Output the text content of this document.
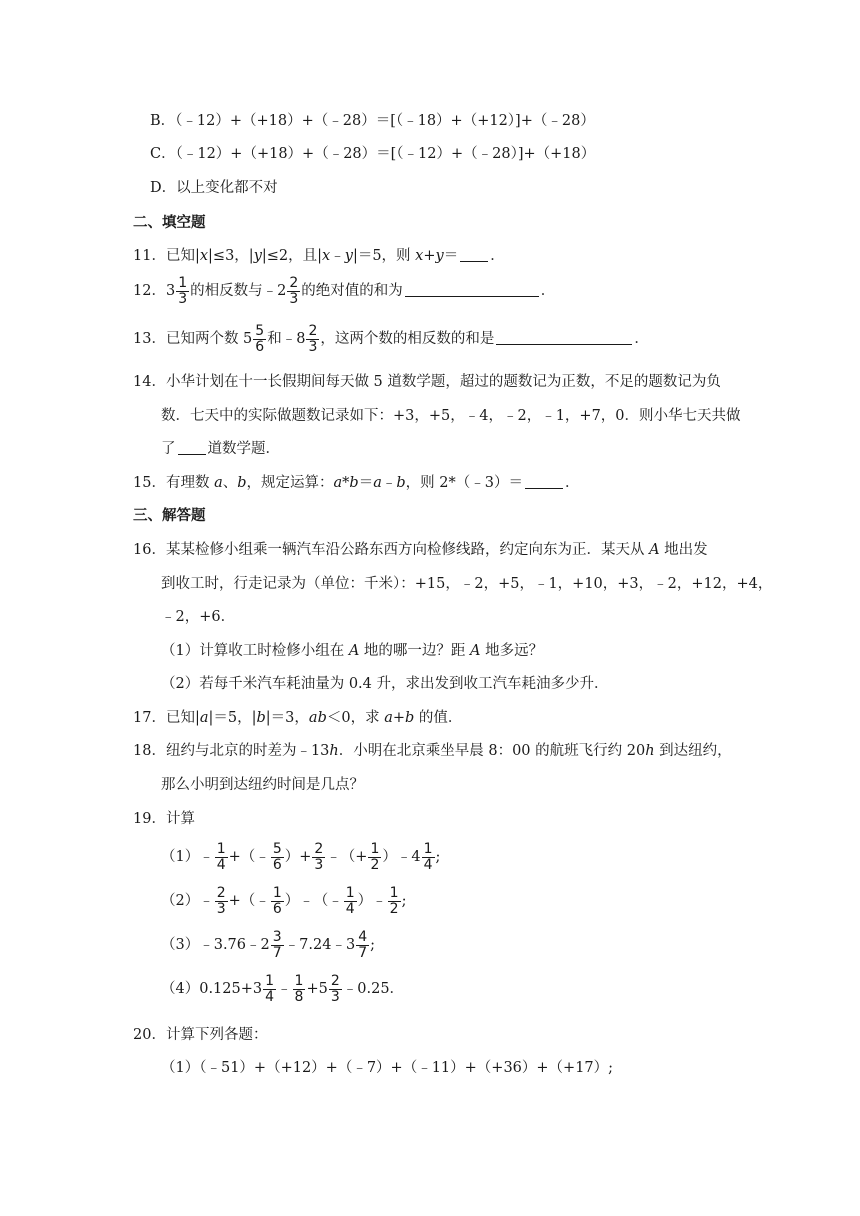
B．（﹣12）+（+18）+（﹣28）＝[（﹣18）+（+12）]+（﹣28）
C．（﹣12）+（+18）+（﹣28）＝[（﹣12）+（﹣28）]+（+18）
D．以上变化都不对
二、填空题
11．已知|x|≤3，|y|≤2，且|x﹣y|＝5，则 x+y＝ ．
12．$3 \frac{1}{3}$ 的相反数与﹣2 $\frac{2}{3}$ 的绝对值的和为	．
13．已知两个数 $5 \frac{5}{6}$ 和﹣8 $\frac{2}{3}$ ，这两个数的相反数的和是	．
14．小华计划在十一长假期间每天做 5 道数学题，超过的题数记为正数，不足的题数记为负
数．七天中的实际做题数记录如下：+3，+5，﹣4，﹣2，﹣1，+7，0．则小华七天共做
了 道数学题．
15．有理数 a、b，规定运算：a*b＝a﹣b，则 2*（﹣3）＝	．
三、解答题
16．某某检修小组乘一辆汽车沿公路东西方向检修线路，约定向东为正．某天从 A 地出发
到收工时，行走记录为（单位：千米）：+15，﹣2，+5，﹣1，+10，+3，﹣2，+12，+4，
﹣2，+6．
（1）计算收工时检修小组在 A 地的哪一边？距 A 地多远？
（2）若每千米汽车耗油量为 0.4 升，求出发到收工汽车耗油多少升．
17．已知|a|＝5，|b|＝3，ab＜0，求 a+b 的值．
18．纽约与北京的时差为﹣13h．小明在北京乘坐早晨 8：00 的航班飞行约 20h 到达纽约，
那么小明到达纽约时间是几点？
19．计算
（1）﹣ $\frac{1}{4}$ +（﹣ $\frac{5}{6}$ ）+ $\frac{2}{3}$ ﹣（+ $\frac{1}{2}$ ）﹣4 $\frac{1}{4}$ ;
（2）﹣ $\frac{2}{3}$ +（﹣ $\frac{1}{6}$ ）﹣（﹣ $\frac{1}{4}$ ）﹣ $\frac{1}{2}$ ;
（3）﹣3.76﹣2 $\frac{3}{7}$ ﹣7.24﹣3 $\frac{4}{7}$ ;
$(4)0.125+3 \frac{1}{4}$ ﹣ $\frac{1}{8} +5 \frac{2}{3}$ ﹣0.25．
20．计算下列各题：
（1）（﹣51）+（+12）+（﹣7）+（﹣11）+（+36）+（+17）;
